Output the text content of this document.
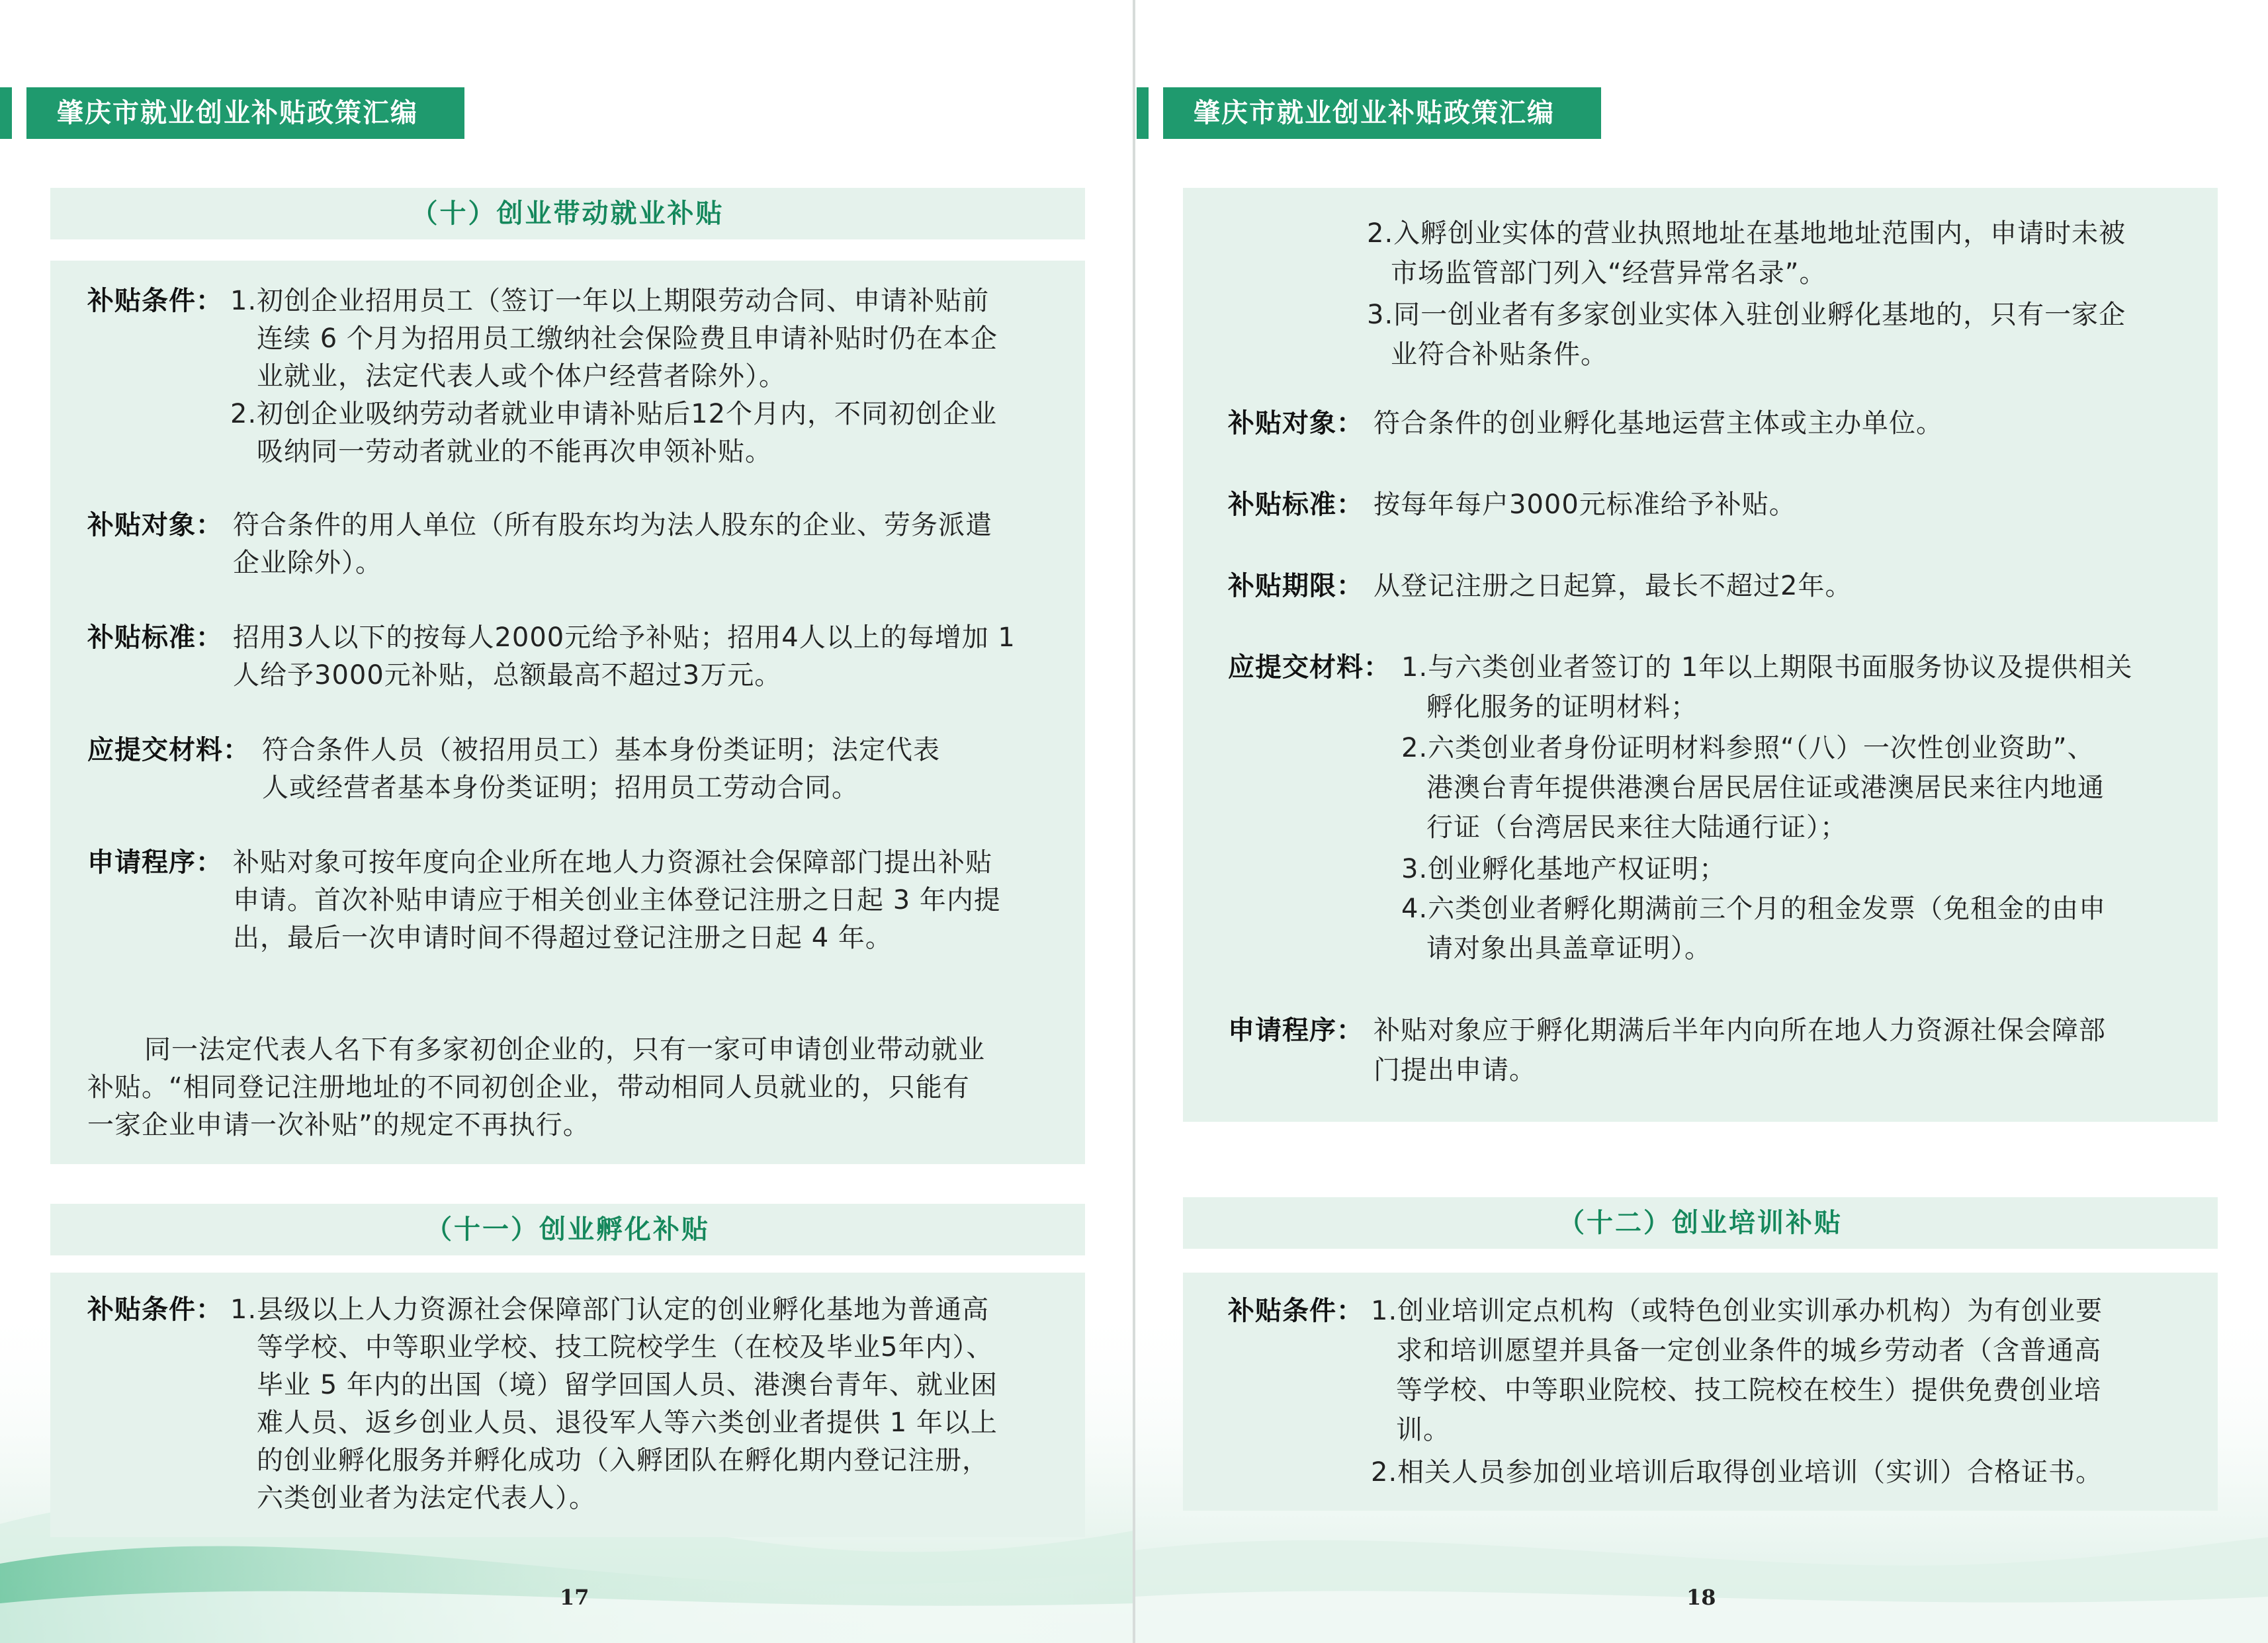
肇庆市就业创业补贴政策汇编
（十）创业带动就业补贴
补贴条件： 1.初创企业招用员工（签订一年以上期限劳动合同、申请补贴前
连续 6 个月为招用员工缴纳社会保险费且申请补贴时仍在本企
业就业，法定代表人或个体户经营者除外）。
2.初创企业吸纳劳动者就业申请补贴后12个月内，不同初创企业
吸纳同一劳动者就业的不能再次申领补贴。
补贴对象： 符合条件的用人单位（所有股东均为法人股东的企业、劳务派遣
企业除外）。
补贴标准： 招用3人以下的按每人2000元给予补贴；招用4人以上的每增加 1
人给予3000元补贴，总额最高不超过3万元。
应提交材料： 符合条件人员（被招用员工）基本身份类证明；法定代表
人或经营者基本身份类证明；招用员工劳动合同。
申请程序： 补贴对象可按年度向企业所在地人力资源社会保障部门提出补贴
申请。首次补贴申请应于相关创业主体登记注册之日起 3 年内提
出，最后一次申请时间不得超过登记注册之日起 4 年。
同一法定代表人名下有多家初创企业的，只有一家可申请创业带动就业
补贴。“相同登记注册地址的不同初创企业，带动相同人员就业的，只能有
一家企业申请一次补贴”的规定不再执行。
（十一）创业孵化补贴
补贴条件： 1.县级以上人力资源社会保障部门认定的创业孵化基地为普通高
等学校、中等职业学校、技工院校学生（在校及毕业5年内）、
毕业 5 年内的出国（境）留学回国人员、港澳台青年、就业困
难人员、返乡创业人员、退役军人等六类创业者提供 1 年以上
的创业孵化服务并孵化成功（入孵团队在孵化期内登记注册，
六类创业者为法定代表人）。
17
肇庆市就业创业补贴政策汇编
2.入孵创业实体的营业执照地址在基地地址范围内，申请时未被
市场监管部门列入“经营异常名录”。
3.同一创业者有多家创业实体入驻创业孵化基地的，只有一家企
业符合补贴条件。
补贴对象： 符合条件的创业孵化基地运营主体或主办单位。
补贴标准： 按每年每户3000元标准给予补贴。
补贴期限： 从登记注册之日起算，最长不超过2年。
应提交材料： 1.与六类创业者签订的 1年以上期限书面服务协议及提供相关
孵化服务的证明材料；
2.六类创业者身份证明材料参照“（八）一次性创业资助”、
港澳台青年提供港澳台居民居住证或港澳居民来往内地通
行证（台湾居民来往大陆通行证）；
3.创业孵化基地产权证明；
4.六类创业者孵化期满前三个月的租金发票（免租金的由申
请对象出具盖章证明）。
申请程序： 补贴对象应于孵化期满后半年内向所在地人力资源社保会障部
门提出申请。
（十二）创业培训补贴
补贴条件： 1.创业培训定点机构（或特色创业实训承办机构）为有创业要
求和培训愿望并具备一定创业条件的城乡劳动者（含普通高
等学校、中等职业院校、技工院校在校生）提供免费创业培
训。
2.相关人员参加创业培训后取得创业培训（实训）合格证书。
18
